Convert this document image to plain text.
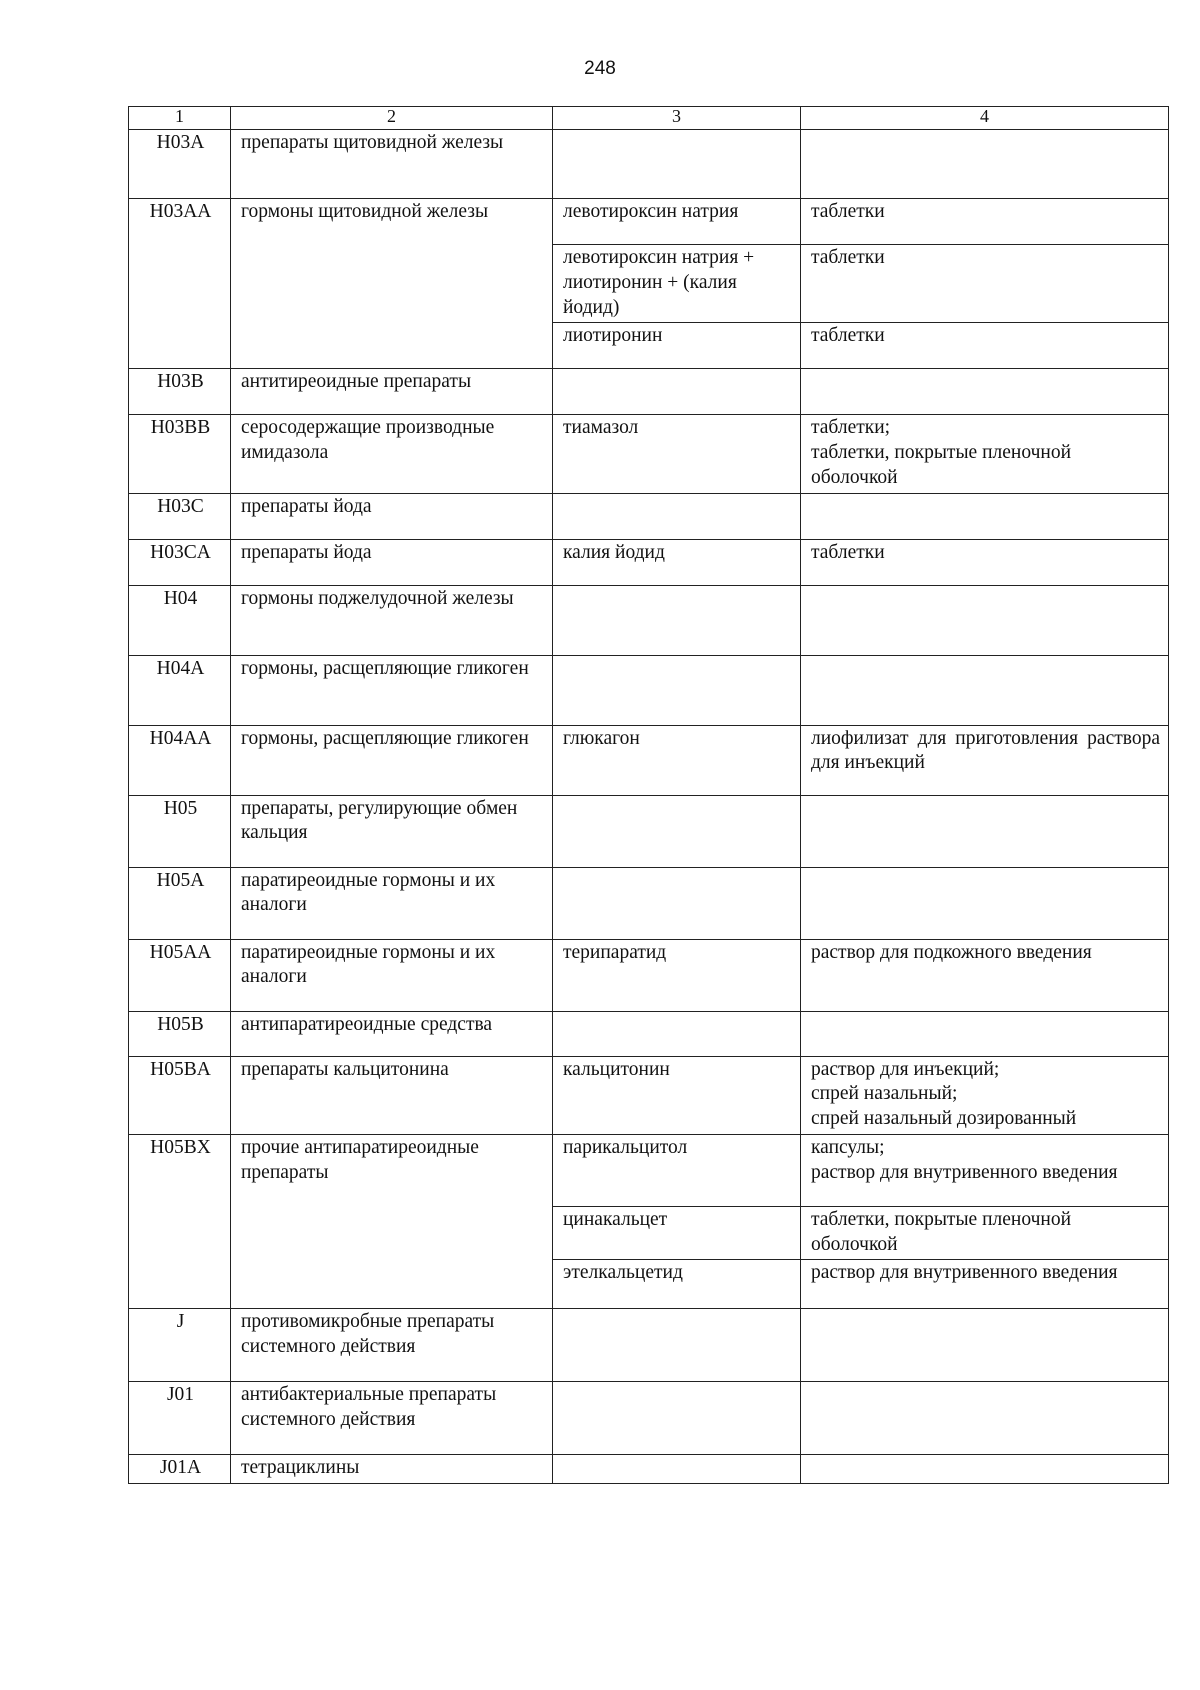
248
1	2	3	4
H03A	препараты щитовидной железы		
H03AA	гормоны щитовидной железы	левотироксин натрия	таблетки
		левотироксин натрия + лиотиронин + (калия йодид)	таблетки
		лиотиронин	таблетки
H03B	антитиреоидные препараты		
H03BB	серосодержащие производные имидазола	тиамазол	таблетки;
таблетки, покрытые пленочной оболочкой

H03C	препараты йода		
H03CA	препараты йода	калия йодид	таблетки
H04	гормоны поджелудочной железы		
H04A	гормоны, расщепляющие гликоген		
H04AA	гормоны, расщепляющие гликоген	глюкагон	лиофилизат для приготовления раствора для инъекций
H05	препараты, регулирующие обмен кальция		
H05A	паратиреоидные гормоны и их аналоги		
H05AA	паратиреоидные гормоны и их аналоги	терипаратид	раствор для подкожного введения
H05B	антипаратиреоидные средства		
H05BA	препараты кальцитонина	кальцитонин	раствор для инъекций;
спрей назальный;
спрей назальный дозированный

H05BX	прочие антипаратиреоидные препараты	парикальцитол	капсулы;
раствор для внутривенного введения

		цинакальцет	таблетки, покрытые пленочной оболочкой
		этелкальцетид	раствор для внутривенного введения
J	противомикробные препараты системного действия		
J01	антибактериальные препараты системного действия		
J01A	тетрациклины		
